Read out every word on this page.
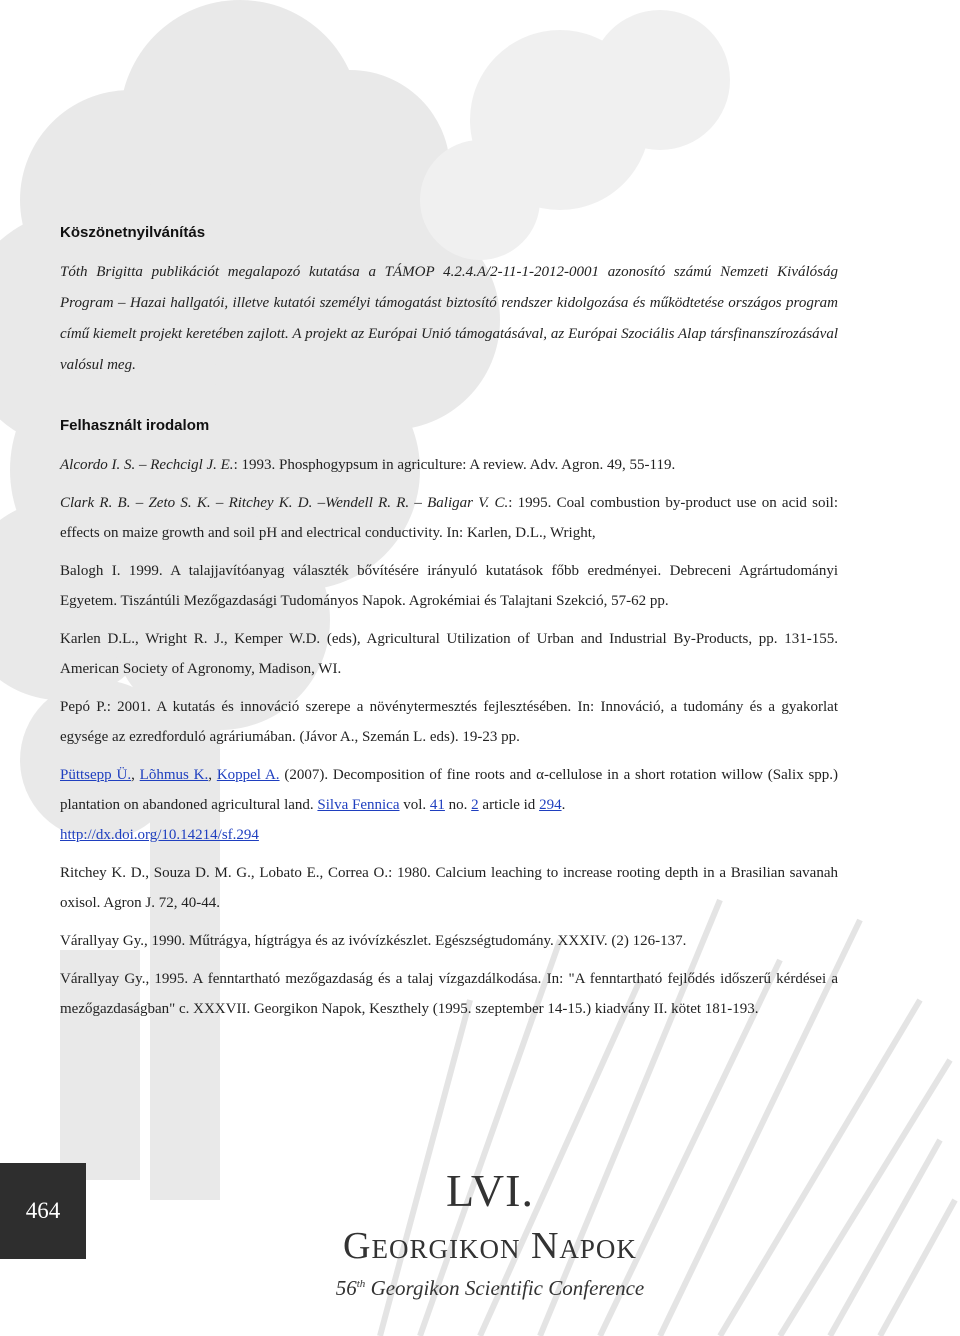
Köszönetnyilvánítás

Tóth Brigitta publikációt megalapozó kutatása a TÁMOP 4.2.4.A/2-11-1-2012-0001 azonosító számú Nemzeti Kiválóság Program – Hazai hallgatói, illetve kutatói személyi támogatást biztosító rendszer kidolgozása és működtetése országos program című kiemelt projekt keretében zajlott. A projekt az Európai Unió támogatásával, az Európai Szociális Alap társfinanszírozásával valósul meg.

Felhasznált irodalom

Alcordo I. S. – Rechcigl J. E.: 1993. Phosphogypsum in agriculture: A review. Adv. Agron. 49, 55-119.

Clark R. B. – Zeto S. K. – Ritchey K. D. –Wendell R. R. – Baligar V. C.: 1995. Coal combustion by-product use on acid soil: effects on maize growth and soil pH and electrical conductivity. In: Karlen, D.L., Wright,

Balogh I. 1999. A talajjavítóanyag választék bővítésére irányuló kutatások főbb eredményei. Debreceni Agrártudományi Egyetem. Tiszántúli Mezőgazdasági Tudományos Napok. Agrokémiai és Talajtani Szekció, 57-62 pp.

Karlen D.L., Wright R. J., Kemper W.D. (eds), Agricultural Utilization of Urban and Industrial By-Products, pp. 131-155. American Society of Agronomy, Madison, WI.

Pepó P.: 2001. A kutatás és innováció szerepe a növénytermesztés fejlesztésében. In: Innováció, a tudomány és a gyakorlat egysége az ezredforduló agráriumában. (Jávor A., Szemán L. eds). 19-23 pp.

Püttsepp Ü., Lõhmus K., Koppel A. (2007). Decomposition of fine roots and α-cellulose in a short rotation willow (Salix spp.) plantation on abandoned agricultural land. Silva Fennica vol. 41 no. 2 article id 294.
http://dx.doi.org/10.14214/sf.294

Ritchey K. D., Souza D. M. G., Lobato E., Correa O.: 1980. Calcium leaching to increase rooting depth in a Brasilian savanah oxisol. Agron J. 72, 40-44.

Várallyay Gy., 1990. Műtrágya, hígtrágya és az ivóvízkészlet. Egészségtudomány. XXXIV. (2) 126-137.

Várallyay Gy., 1995. A fenntartható mezőgazdaság és a talaj vízgazdálkodása. In: "A fenntartható fejlődés időszerű kérdései a mezőgazdaságban" c. XXXVII. Georgikon Napok, Keszthely (1995. szeptember 14-15.) kiadvány II. kötet 181-193.

464	LVI.
Georgikon Napok
56th Georgikon Scientific Conference
